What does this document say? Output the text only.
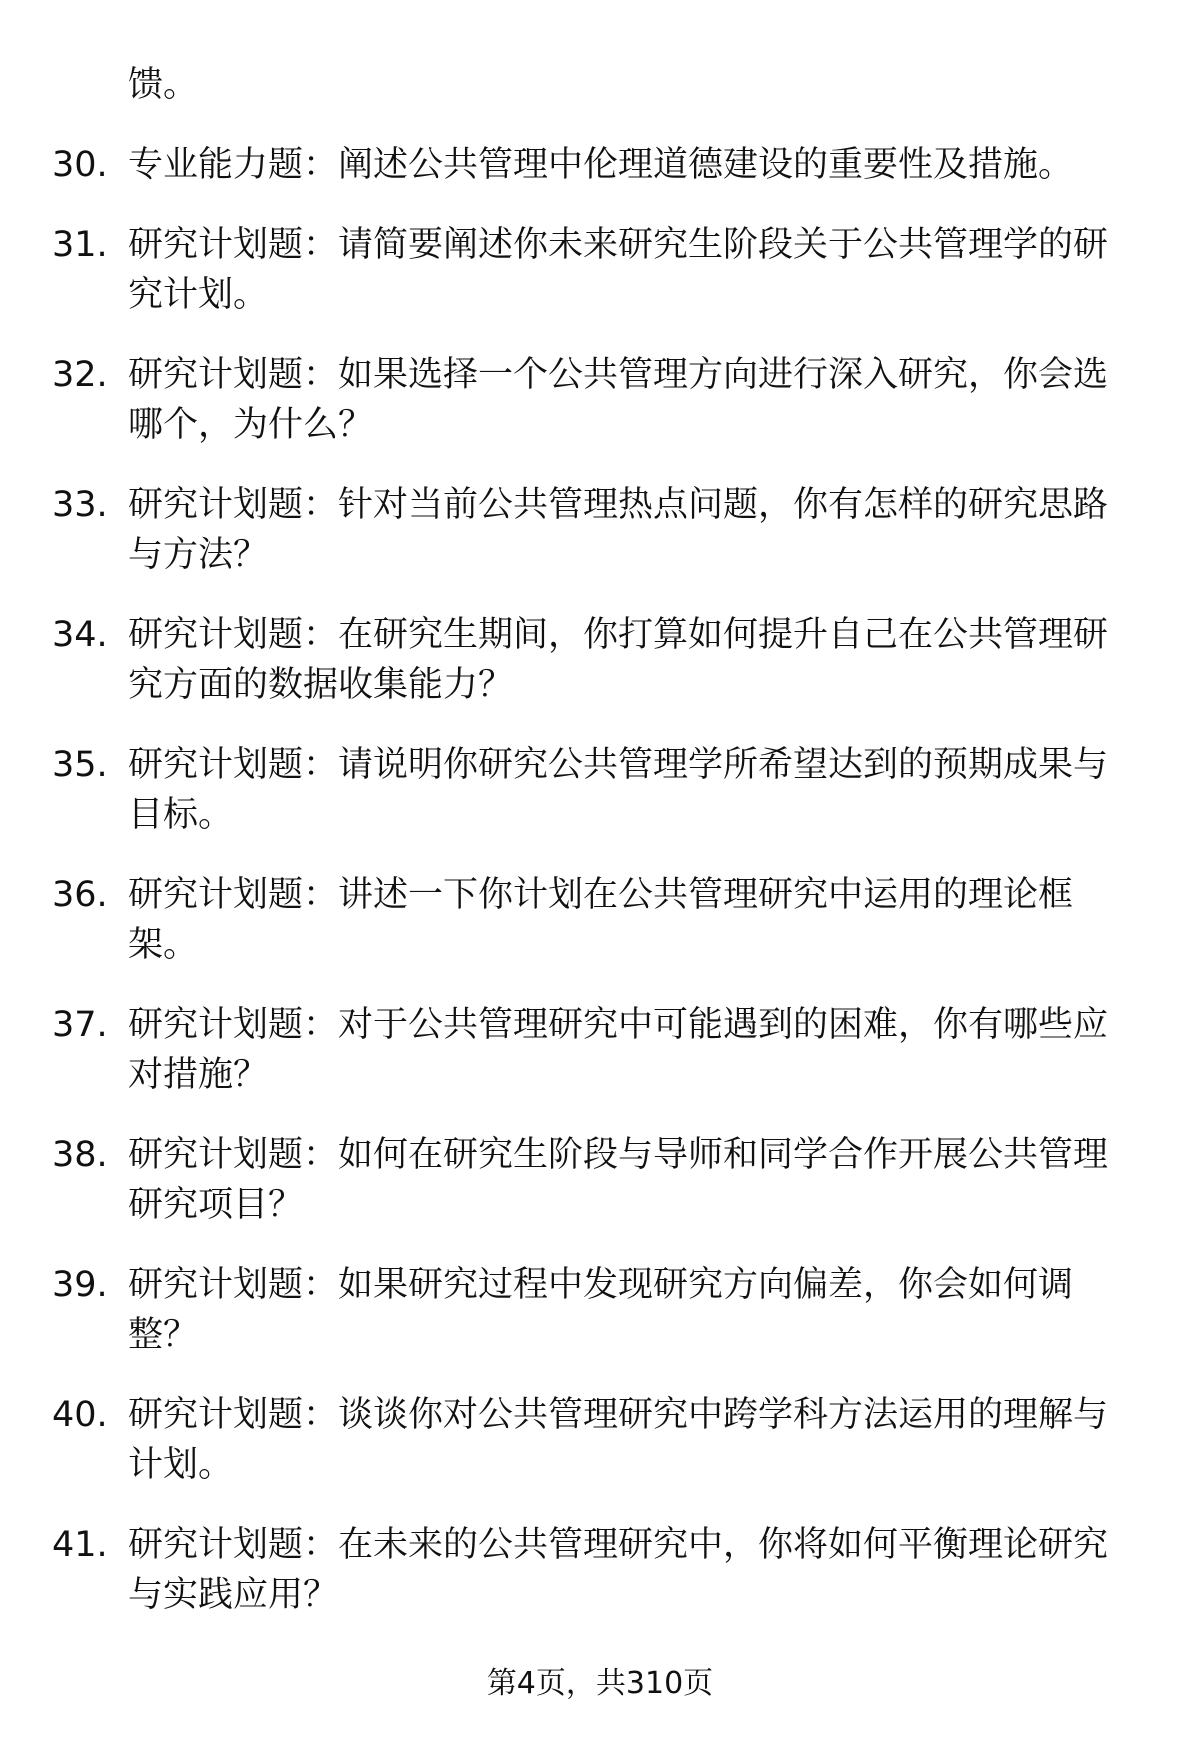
馈。
30. 专业能力题：阐述公共管理中伦理道德建设的重要性及措施。
31. 研究计划题：请简要阐述你未来研究生阶段关于公共管理学的研究计划。
32. 研究计划题：如果选择一个公共管理方向进行深入研究，你会选哪个，为什么？
33. 研究计划题：针对当前公共管理热点问题，你有怎样的研究思路与方法？
34. 研究计划题：在研究生期间，你打算如何提升自己在公共管理研究方面的数据收集能力？
35. 研究计划题：请说明你研究公共管理学所希望达到的预期成果与目标。
36. 研究计划题：讲述一下你计划在公共管理研究中运用的理论框架。
37. 研究计划题：对于公共管理研究中可能遇到的困难，你有哪些应对措施？
38. 研究计划题：如何在研究生阶段与导师和同学合作开展公共管理研究项目？
39. 研究计划题：如果研究过程中发现研究方向偏差，你会如何调整？
40. 研究计划题：谈谈你对公共管理研究中跨学科方法运用的理解与计划。
41. 研究计划题：在未来的公共管理研究中，你将如何平衡理论研究与实践应用？
第4页，共310页
